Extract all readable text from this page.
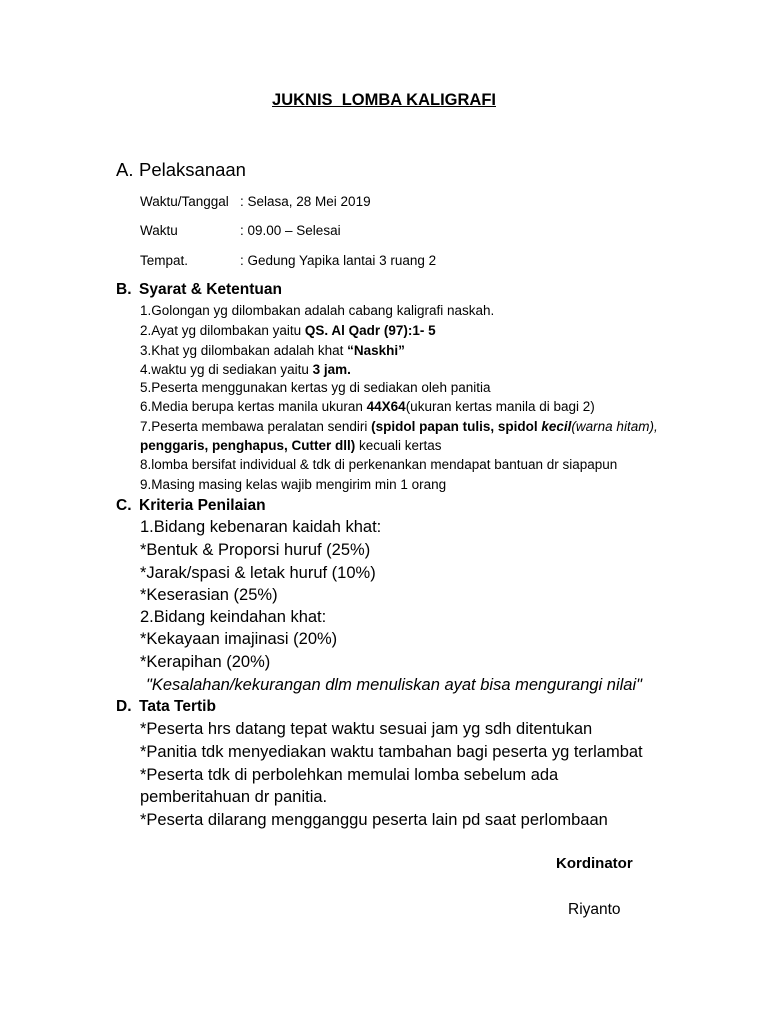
JUKNIS  LOMBA KALIGRAFI
A. Pelaksanaan
Waktu/Tanggal : Selasa, 28 Mei 2019
Waktu	: 09.00 – Selesai
Tempat.	: Gedung Yapika lantai 3 ruang 2
B. Syarat & Ketentuan
1.Golongan yg dilombakan adalah cabang kaligrafi naskah.
2.Ayat yg dilombakan yaitu QS. Al Qadr (97):1- 5
3.Khat yg dilombakan adalah khat “Naskhi”
4.waktu yg di sediakan yaitu 3 jam.
5.Peserta menggunakan kertas yg di sediakan oleh panitia
6.Media berupa kertas manila ukuran 44X64(ukuran kertas manila di bagi 2)
7.Peserta membawa peralatan sendiri (spidol papan tulis, spidol kecil(warna hitam),
penggaris, penghapus, Cutter dll) kecuali kertas
8.lomba bersifat individual & tdk di perkenankan mendapat bantuan dr siapapun
9.Masing masing kelas wajib mengirim min 1 orang
C. Kriteria Penilaian
1.Bidang kebenaran kaidah khat:
*Bentuk & Proporsi huruf (25%)
*Jarak/spasi & letak huruf (10%)
*Keserasian (25%)
2.Bidang keindahan khat:
*Kekayaan imajinasi (20%)
*Kerapihan (20%)
"Kesalahan/kekurangan dlm menuliskan ayat bisa mengurangi nilai"
D. Tata Tertib
*Peserta hrs datang tepat waktu sesuai jam yg sdh ditentukan
*Panitia tdk menyediakan waktu tambahan bagi peserta yg terlambat
*Peserta tdk di perbolehkan memulai lomba sebelum ada
pemberitahuan dr panitia.
*Peserta dilarang mengganggu peserta lain pd saat perlombaan
Kordinator
Riyanto
